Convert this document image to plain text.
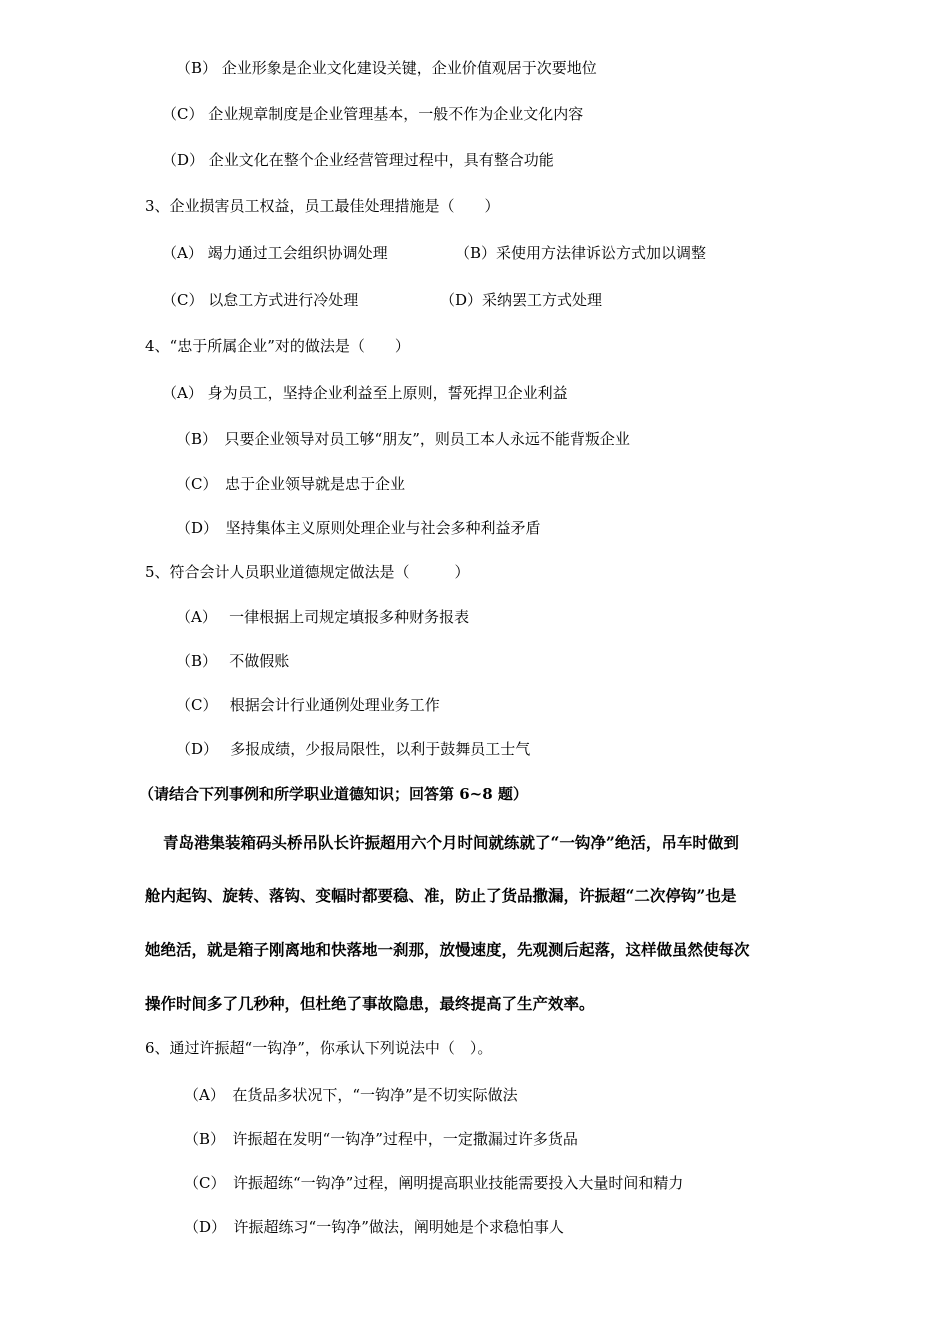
（B） 企业形象是企业文化建设关键，企业价值观居于次要地位
（C） 企业规章制度是企业管理基本，一般不作为企业文化内容
（D） 企业文化在整个企业经营管理过程中，具有整合功能
3、企业损害员工权益，员工最佳处理措施是（　　）
（A） 竭力通过工会组织协调处理	（B）采使用方法律诉讼方式加以调整
（C） 以怠工方式进行冷处理	（D）采纳罢工方式处理
4、“忠于所属企业”对的做法是（　　）
（A） 身为员工，坚持企业利益至上原则，誓死捍卫企业利益
（B）　只要企业领导对员工够“朋友”，则员工本人永远不能背叛企业
（C）　忠于企业领导就是忠于企业
（D）　坚持集体主义原则处理企业与社会多种利益矛盾
5、符合会计人员职业道德规定做法是（　　　）
（A）　 一律根据上司规定填报多种财务报表
（B）　 不做假账
（C）　 根据会计行业通例处理业务工作
（D）　 多报成绩，少报局限性，以利于鼓舞员工士气
（请结合下列事例和所学职业道德知识；回答第 6~8 题）
青岛港集装箱码头桥吊队长许振超用六个月时间就练就了“一钩净”绝活，吊车时做到
舱内起钩、旋转、落钩、变幅时都要稳、准，防止了货品撒漏，许振超“二次停钩”也是
她绝活，就是箱子刚离地和快落地一刹那，放慢速度，先观测后起落，这样做虽然使每次
操作时间多了几秒种，但杜绝了事故隐患，最终提高了生产效率。
6、通过许振超“一钩净”，你承认下列说法中（　）。
（A）　在货品多状况下，“一钩净”是不切实际做法
（B）　许振超在发明“一钩净”过程中，一定撒漏过许多货品
（C）　许振超练“一钩净”过程，阐明提高职业技能需要投入大量时间和精力
（D）　许振超练习“一钩净”做法，阐明她是个求稳怕事人
